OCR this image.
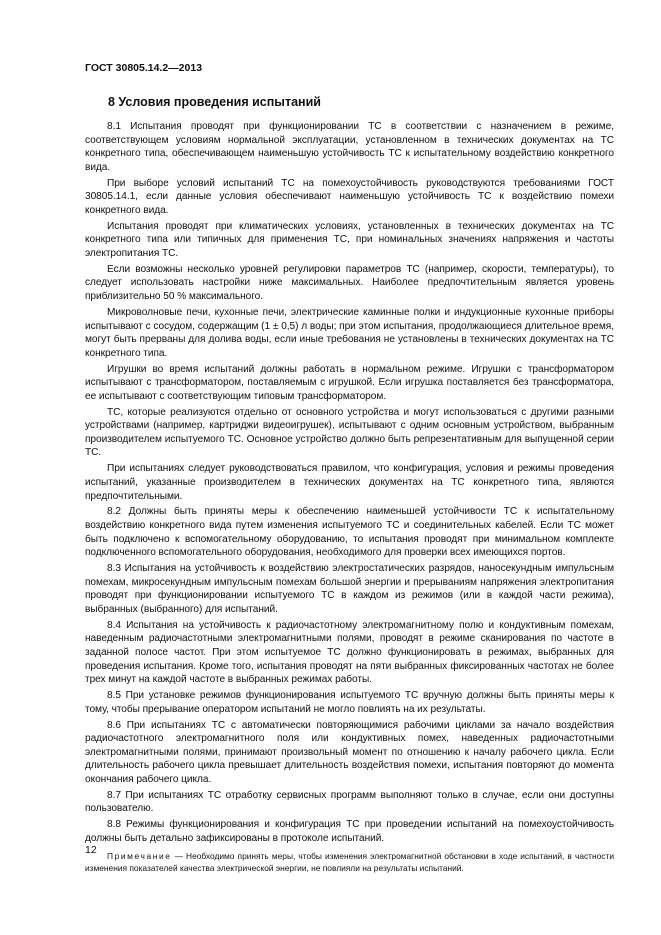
ГОСТ 30805.14.2—2013
8 Условия проведения испытаний

8.1 Испытания проводят при функционировании ТС в соответствии с назначением в режиме, соответствующем условиям нормальной эксплуатации, установленном в технических документах на ТС конкретного типа, обеспечивающем наименьшую устойчивость ТС к испытательному воздействию конкретного вида.

При выборе условий испытаний ТС на помехоустойчивость руководствуются требованиями ГОСТ 30805.14.1, если данные условия обеспечивают наименьшую устойчивость ТС к воздействию помехи конкретного вида.

Испытания проводят при климатических условиях, установленных в технических документах на ТС конкретного типа или типичных для применения ТС, при номинальных значениях напряжения и частоты электропитания ТС.

Если возможны несколько уровней регулировки параметров ТС (например, скорости, температуры), то следует использовать настройки ниже максимальных. Наиболее предпочтительным является уровень приблизительно 50 % максимального.

Микроволновые печи, кухонные печи, электрические каминные полки и индукционные кухонные приборы испытывают с сосудом, содержащим (1 ± 0,5) л воды; при этом испытания, продолжающиеся длительное время, могут быть прерваны для долива воды, если иные требования не установлены в технических документах на ТС конкретного типа.

Игрушки во время испытаний должны работать в нормальном режиме. Игрушки с трансформатором испытывают с трансформатором, поставляемым с игрушкой. Если игрушка поставляется без трансформатора, ее испытывают с соответствующим типовым трансформатором.

ТС, которые реализуются отдельно от основного устройства и могут использоваться с другими разными устройствами (например, картриджи видеоигрушек), испытывают с одним основным устройством, выбранным производителем испытуемого ТС. Основное устройство должно быть репрезентативным для выпущенной серии ТС.

При испытаниях следует руководствоваться правилом, что конфигурация, условия и режимы проведения испытаний, указанные производителем в технических документах на ТС конкретного типа, являются предпочтительными.

8.2 Должны быть приняты меры к обеспечению наименьшей устойчивости ТС к испытательному воздействию конкретного вида путем изменения испытуемого ТС и соединительных кабелей. Если ТС может быть подключено к вспомогательному оборудованию, то испытания проводят при минимальном комплекте подключенного вспомогательного оборудования, необходимого для проверки всех имеющихся портов.

8.3 Испытания на устойчивость к воздействию электростатических разрядов, наносекундным импульсным помехам, микросекундным импульсным помехам большой энергии и прерываниям напряжения электропитания проводят при функционировании испытуемого ТС в каждом из режимов (или в каждой части режима), выбранных (выбранного) для испытаний.

8.4 Испытания на устойчивость к радиочастотному электромагнитному полю и кондуктивным помехам, наведенным радиочастотными электромагнитными полями, проводят в режиме сканирования по частоте в заданной полосе частот. При этом испытуемое ТС должно функционировать в режимах, выбранных для проведения испытания. Кроме того, испытания проводят на пяти выбранных фиксированных частотах не более трех минут на каждой частоте в выбранных режимах работы.

8.5 При установке режимов функционирования испытуемого ТС вручную должны быть приняты меры к тому, чтобы прерывание оператором испытаний не могло повлиять на их результаты.

8.6 При испытаниях ТС с автоматически повторяющимися рабочими циклами за начало воздействия радиочастотного электромагнитного поля или кондуктивных помех, наведенных радиочастотными электромагнитными полями, принимают произвольный момент по отношению к началу рабочего цикла. Если длительность рабочего цикла превышает длительность воздействия помехи, испытания повторяют до момента окончания рабочего цикла.

8.7 При испытаниях ТС отработку сервисных программ выполняют только в случае, если они доступны пользователю.

8.8 Режимы функционирования и конфигурация ТС при проведении испытаний на помехоустойчивость должны быть детально зафиксированы в протоколе испытаний.

Примечание — Необходимо принять меры, чтобы изменения электромагнитной обстановки в ходе испытаний, в частности изменения показателей качества электрической энергии, не повлияли на результаты испытаний.
12
